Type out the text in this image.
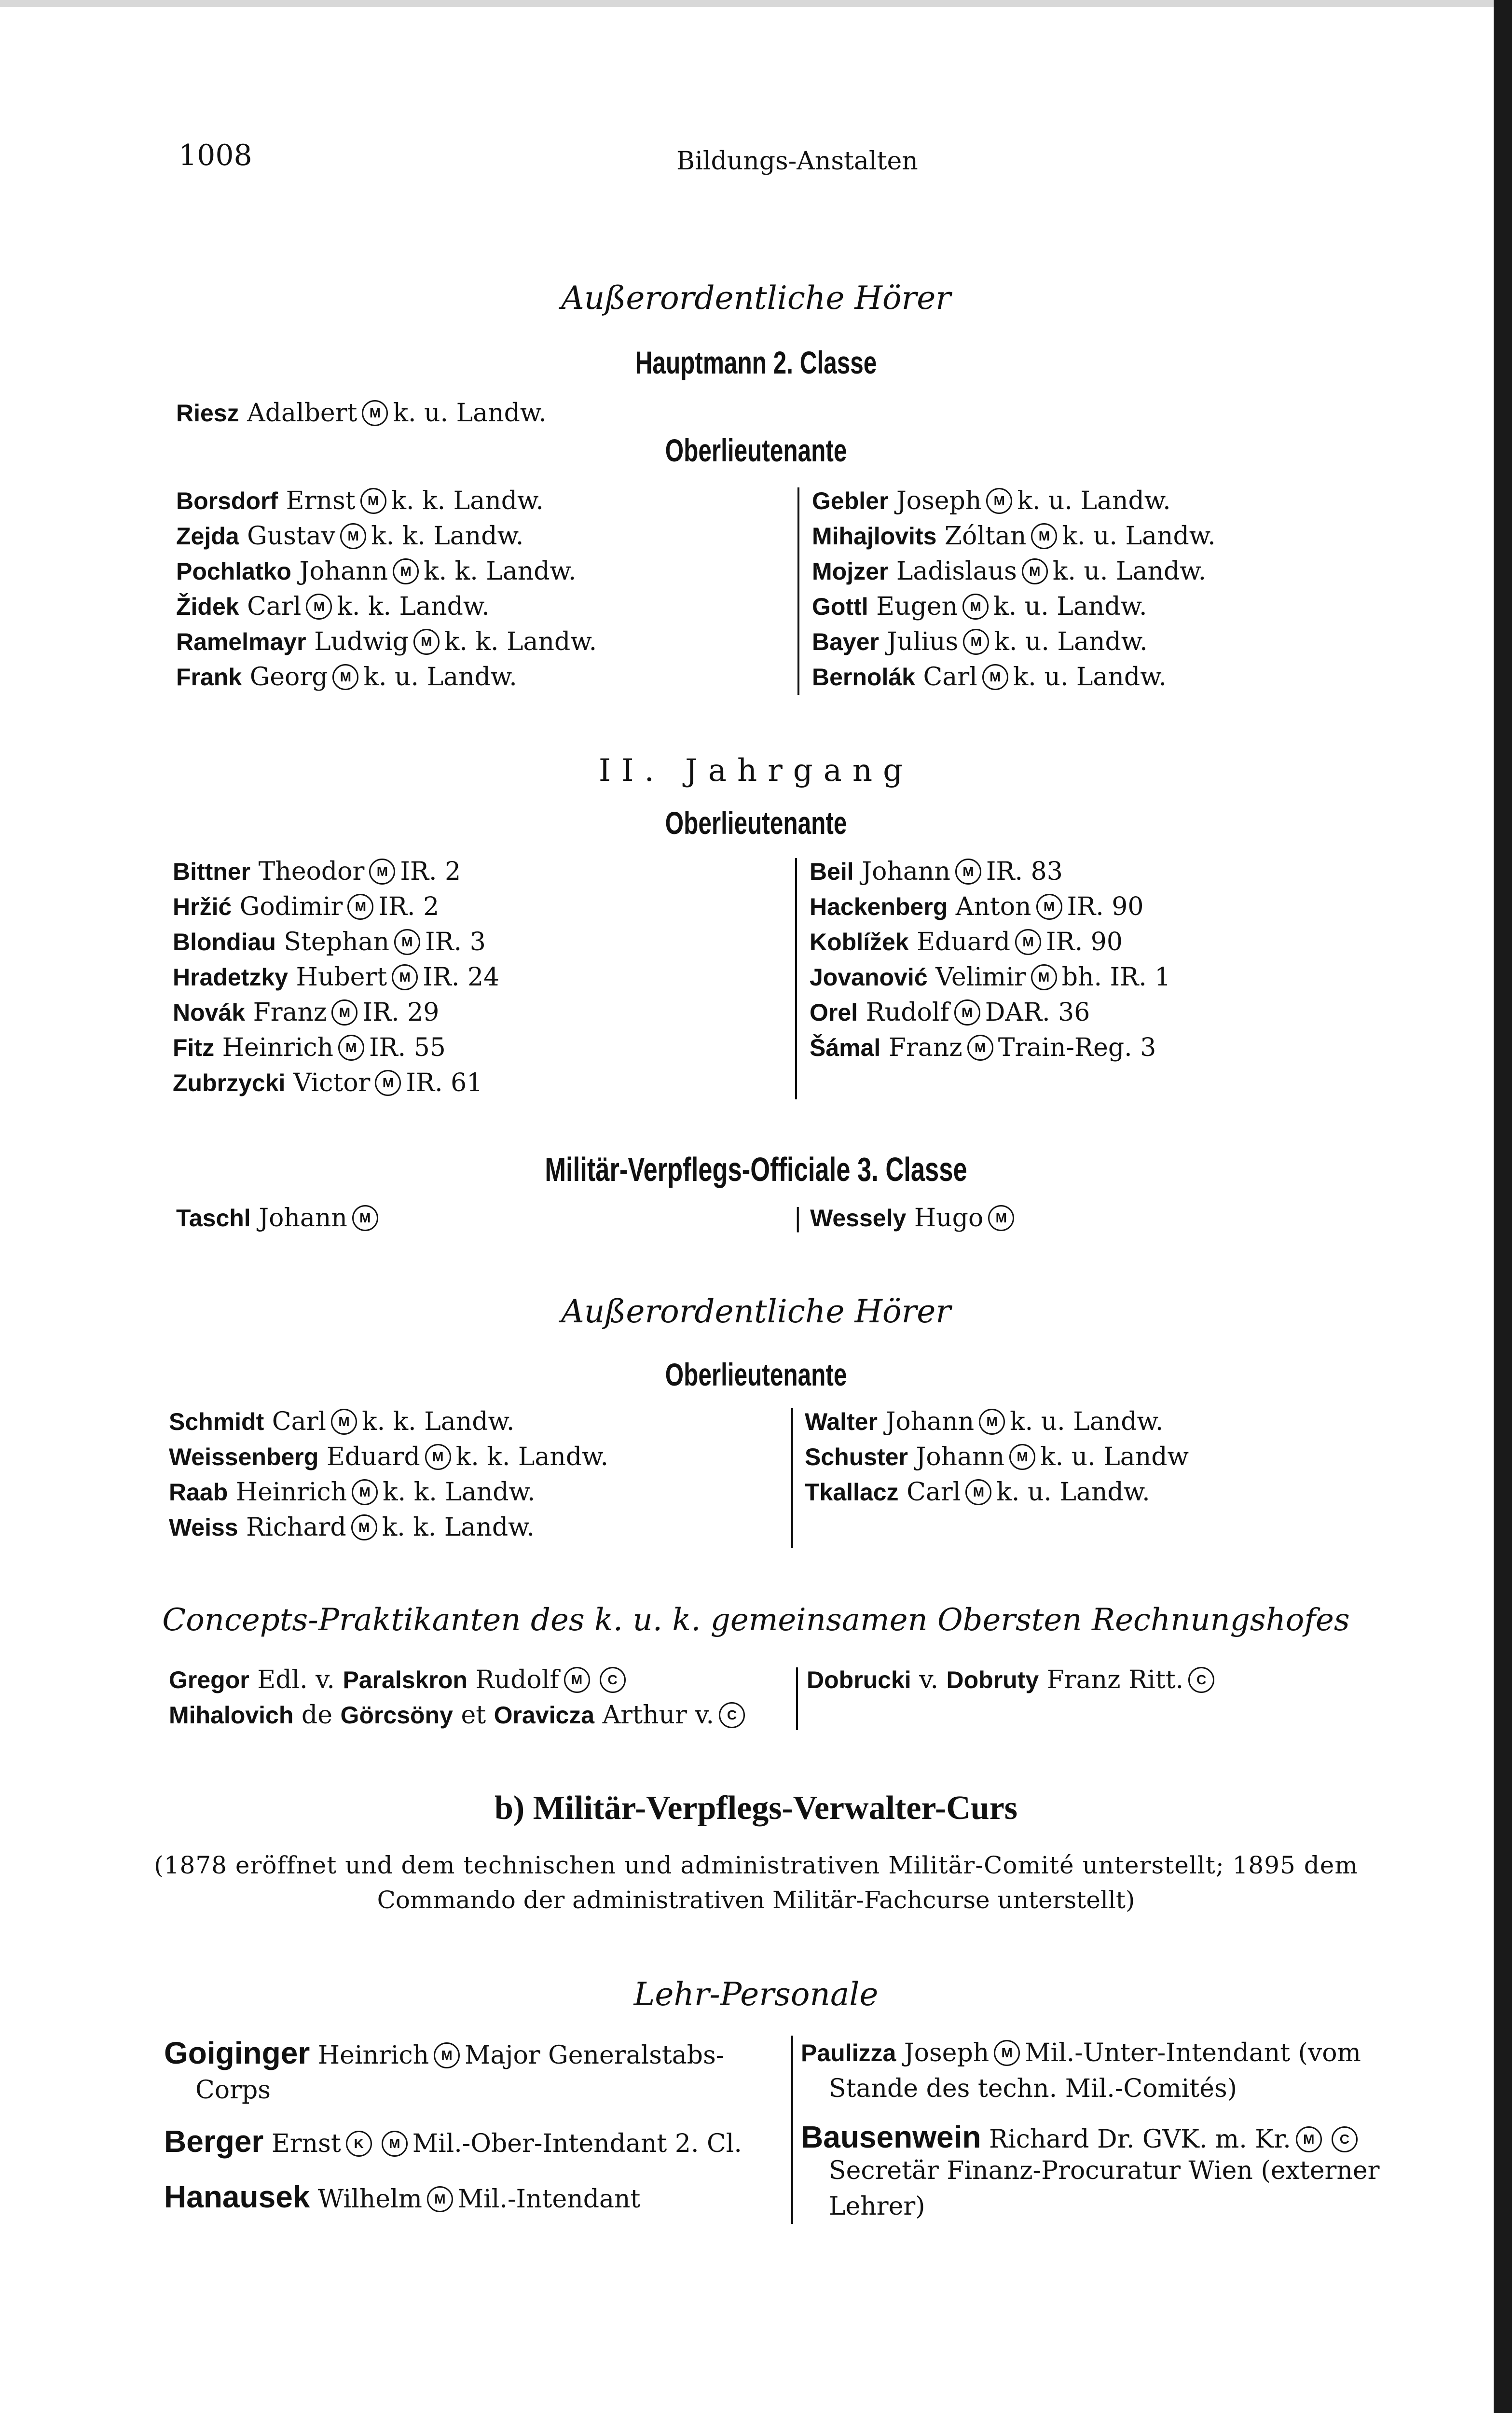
1008	Bildungs-Anstalten
Außerordentliche Hörer
Hauptmann 2. Classe
Riesz Adalbert M k. u. Landw.
Oberlieutenante
Borsdorf Ernst M k. k. Landw.
Zejda Gustav M k. k. Landw.
Pochlatko Johann M k. k. Landw.
Židek Carl M k. k. Landw.
Ramelmayr Ludwig M k. k. Landw.
Frank Georg M k. u. Landw.
Gebler Joseph M k. u. Landw.
Mihajlovits Zóltan M k. u. Landw.
Mojzer Ladislaus M k. u. Landw.
Gottl Eugen M k. u. Landw.
Bayer Julius M k. u. Landw.
Bernolák Carl M k. u. Landw.
II. Jahrgang
Oberlieutenante
Bittner Theodor M IR. 2
Hržić Godimir M IR. 2
Blondiau Stephan M IR. 3
Hradetzky Hubert M IR. 24
Novák Franz M IR. 29
Fitz Heinrich M IR. 55
Zubrzycki Victor M IR. 61
Beil Johann M IR. 83
Hackenberg Anton M IR. 90
Koblížek Eduard M IR. 90
Jovanović Velimir M bh. IR. 1
Orel Rudolf M DAR. 36
Šámal Franz M Train-Reg. 3
Militär-Verpflegs-Officiale 3. Classe
Taschl Johann M	| Wessely Hugo M
Außerordentliche Hörer
Oberlieutenante
Schmidt Carl M k. k. Landw.
Weissenberg Eduard M k. k. Landw.
Raab Heinrich M k. k. Landw.
Weiss Richard M k. k. Landw.
Walter Johann M k. u. Landw.
Schuster Johann M k. u. Landw
Tkallacz Carl M k. u. Landw.
Concepts-Praktikanten des k. u. k. gemeinsamen Obersten Rechnungshofes
Gregor Edl. v. Paralskron Rudolf M C
Mihalovich de Görcsöny et Oravicza Arthur v. C
Dobrucki v. Dobruty Franz Ritt. C
b) Militär-Verpflegs-Verwalter-Curs
(1878 eröffnet und dem technischen und administrativen Militär-Comité unterstellt; 1895 dem
Commando der administrativen Militär-Fachcurse unterstellt)
Lehr-Personale
Goiginger Heinrich M Major Generalstabs-
Corps
Berger Ernst K M Mil.-Ober-Intendant 2. Cl.
Hanausek Wilhelm M Mil.-Intendant
Paulizza Joseph M Mil.-Unter-Intendant (vom
Stande des techn. Mil.-Comités)
Bausenwein Richard Dr. GVK. m. Kr. M C
Secretär Finanz-Procuratur Wien (externer
Lehrer)
